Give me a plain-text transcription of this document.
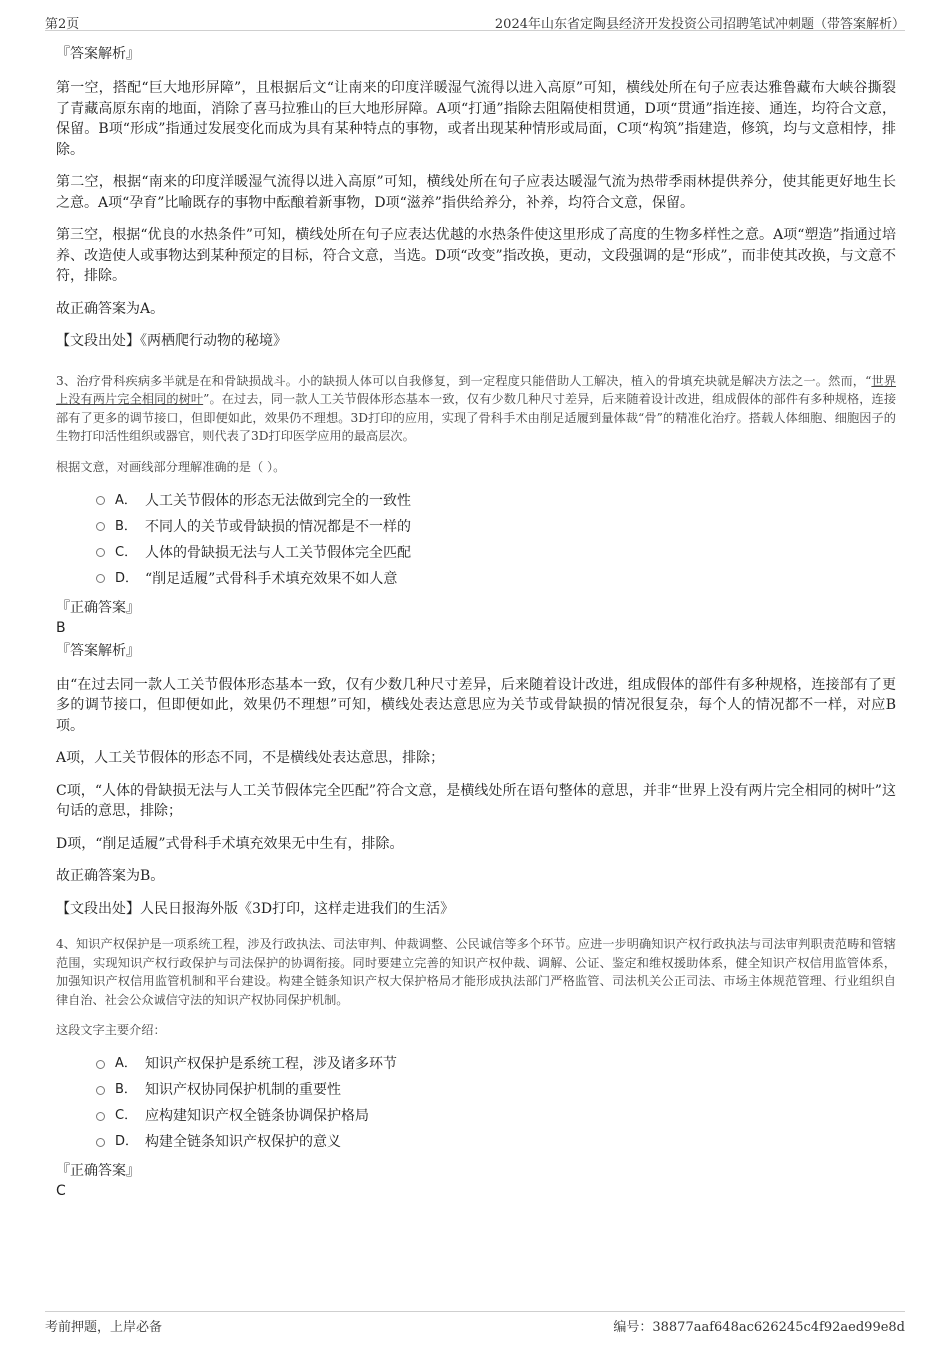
第2页	2024年山东省定陶县经济开发投资公司招聘笔试冲刺题（带答案解析）

『答案解析』

第一空，搭配“巨大地形屏障”，且根据后文“让南来的印度洋暖湿气流得以进入高原”可知，横线处所在句子应表达雅鲁藏布大峡谷撕裂了青藏高原东南的地面，消除了喜马拉雅山的巨大地形屏障。A项“打通”指除去阻隔使相贯通，D项“贯通”指连接、通连，均符合文意，保留。B项“形成”指通过发展变化而成为具有某种特点的事物，或者出现某种情形或局面，C项“构筑”指建造，修筑，均与文意相悖，排除。

第二空，根据“南来的印度洋暖湿气流得以进入高原”可知，横线处所在句子应表达暖湿气流为热带季雨林提供养分，使其能更好地生长之意。A项“孕育”比喻既存的事物中酝酿着新事物，D项“滋养”指供给养分，补养，均符合文意，保留。

第三空，根据“优良的水热条件”可知，横线处所在句子应表达优越的水热条件使这里形成了高度的生物多样性之意。A项“塑造”指通过培养、改造使人或事物达到某种预定的目标，符合文意，当选。D项“改变”指改换，更动，文段强调的是“形成”，而非使其改换，与文意不符，排除。

故正确答案为A。

【文段出处】《两栖爬行动物的秘境》

3、治疗骨科疾病多半就是在和骨缺损战斗。小的缺损人体可以自我修复，到一定程度只能借助人工解决，植入的骨填充块就是解决方法之一。然而，“世界上没有两片完全相同的树叶”。在过去，同一款人工关节假体形态基本一致，仅有少数几种尺寸差异，后来随着设计改进，组成假体的部件有多种规格，连接部有了更多的调节接口，但即便如此，效果仍不理想。3D打印的应用，实现了骨科手术由削足适履到量体裁“骨”的精准化治疗。搭载人体细胞、细胞因子的生物打印活性组织或器官，则代表了3D打印医学应用的最高层次。

根据文意，对画线部分理解准确的是（ ）。

A． 人工关节假体的形态无法做到完全的一致性
B． 不同人的关节或骨缺损的情况都是不一样的
C． 人体的骨缺损无法与人工关节假体完全匹配
D． “削足适履”式骨科手术填充效果不如人意

『正确答案』

B

『答案解析』

由“在过去同一款人工关节假体形态基本一致，仅有少数几种尺寸差异，后来随着设计改进，组成假体的部件有多种规格，连接部有了更多的调节接口，但即便如此，效果仍不理想”可知，横线处表达意思应为关节或骨缺损的情况很复杂，每个人的情况都不一样，对应B项。

A项，人工关节假体的形态不同，不是横线处表达意思，排除；

C项，“人体的骨缺损无法与人工关节假体完全匹配”符合文意，是横线处所在语句整体的意思，并非“世界上没有两片完全相同的树叶”这句话的意思，排除；

D项，“削足适履”式骨科手术填充效果无中生有，排除。

故正确答案为B。

【文段出处】人民日报海外版《3D打印，这样走进我们的生活》

4、知识产权保护是一项系统工程，涉及行政执法、司法审判、仲裁调整、公民诚信等多个环节。应进一步明确知识产权行政执法与司法审判职责范畴和管辖范围，实现知识产权行政保护与司法保护的协调衔接。同时要建立完善的知识产权仲裁、调解、公证、鉴定和维权援助体系，健全知识产权信用监管体系，加强知识产权信用监管机制和平台建设。构建全链条知识产权大保护格局才能形成执法部门严格监管、司法机关公正司法、市场主体规范管理、行业组织自律自治、社会公众诚信守法的知识产权协同保护机制。

这段文字主要介绍：

A． 知识产权保护是系统工程，涉及诸多环节
B． 知识产权协同保护机制的重要性
C． 应构建知识产权全链条协调保护格局
D． 构建全链条知识产权保护的意义

『正确答案』

C

考前押题，上岸必备	编号：38877aaf648ac626245c4f92aed99e8d
